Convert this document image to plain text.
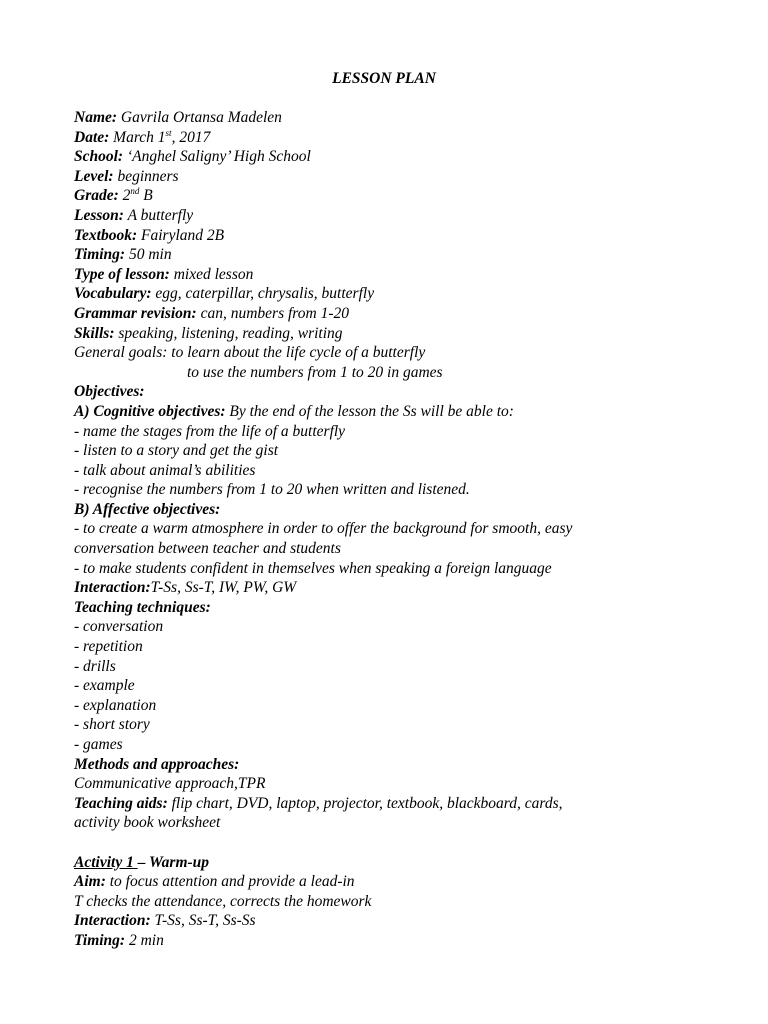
LESSON PLAN
Name: Gavrila Ortansa Madelen
Date: March 1st, 2017
School: ‘Anghel Saligny’ High School
Level: beginners
Grade: 2nd B
Lesson: A butterfly
Textbook: Fairyland 2B
Timing: 50 min
Type of lesson: mixed lesson
Vocabulary: egg, caterpillar, chrysalis, butterfly
Grammar revision: can, numbers from 1-20
Skills: speaking, listening, reading, writing
General goals: to learn about the life cycle of a butterfly
to use the numbers from 1 to 20 in games
Objectives:
A) Cognitive objectives: By the end of the lesson the Ss will be able to:
- name the stages from the life of a butterfly
- listen to a story and get the gist
- talk about animal’s abilities
- recognise the numbers from 1 to 20 when written and listened.
B) Affective objectives:
- to create a warm atmosphere in order to offer the background for smooth, easy
conversation between teacher and students
- to make students confident in themselves when speaking a foreign language
Interaction:T-Ss, Ss-T, IW, PW, GW
Teaching techniques:
- conversation
- repetition
- drills
- example
- explanation
- short story
- games
Methods and approaches:
Communicative approach,TPR
Teaching aids: flip chart, DVD, laptop, projector, textbook, blackboard, cards,
activity book worksheet
Activity 1 – Warm-up
Aim: to focus attention and provide a lead-in
T checks the attendance, corrects the homework
Interaction: T-Ss, Ss-T, Ss-Ss
Timing: 2 min
